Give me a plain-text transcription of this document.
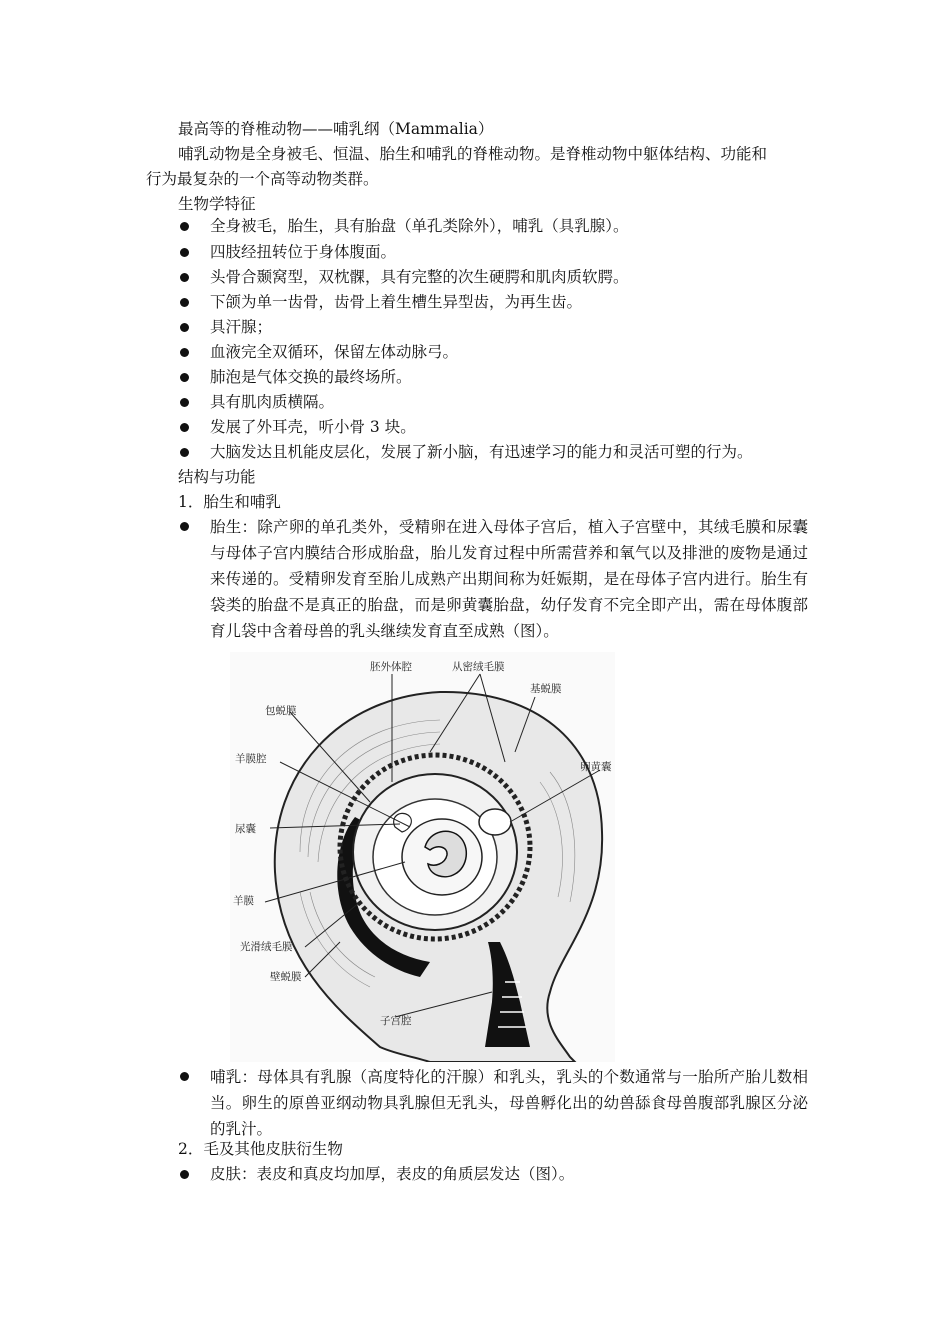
最高等的脊椎动物——哺乳纲（Mammalia）
哺乳动物是全身被毛、恒温、胎生和哺乳的脊椎动物。是脊椎动物中躯体结构、功能和
行为最复杂的一个高等动物类群。
生物学特征
全身被毛，胎生，具有胎盘（单孔类除外），哺乳（具乳腺）。
四肢经扭转位于身体腹面。
头骨合颞窝型，双枕髁，具有完整的次生硬腭和肌肉质软腭。
下颌为单一齿骨，齿骨上着生槽生异型齿，为再生齿。
具汗腺；
血液完全双循环，保留左体动脉弓。
肺泡是气体交换的最终场所。
具有肌肉质横隔。
发展了外耳壳，听小骨 3 块。
大脑发达且机能皮层化，发展了新小脑，有迅速学习的能力和灵活可塑的行为。
结构与功能
1．胎生和哺乳
胎生：除产卵的单孔类外，受精卵在进入母体子宫后，植入子宫壁中，其绒毛膜和尿囊与母体子宫内膜结合形成胎盘，胎儿发育过程中所需营养和氧气以及排泄的废物是通过来传递的。受精卵发育至胎儿成熟产出期间称为妊娠期，是在母体子宫内进行。胎生有袋类的胎盘不是真正的胎盘，而是卵黄囊胎盘，幼仔发育不完全即产出，需在母体腹部育儿袋中含着母兽的乳头继续发育直至成熟（图）。
胚外体腔	从密绒毛膜
基蜕膜
包蜕膜
羊膜腔
卵黄囊
尿囊
羊膜
光滑绒毛膜
壁蜕膜
子宫腔
哺乳：母体具有乳腺（高度特化的汗腺）和乳头，乳头的个数通常与一胎所产胎儿数相当。卵生的原兽亚纲动物具乳腺但无乳头，母兽孵化出的幼兽舔食母兽腹部乳腺区分泌的乳汁。
2．毛及其他皮肤衍生物
皮肤：表皮和真皮均加厚，表皮的角质层发达（图）。
